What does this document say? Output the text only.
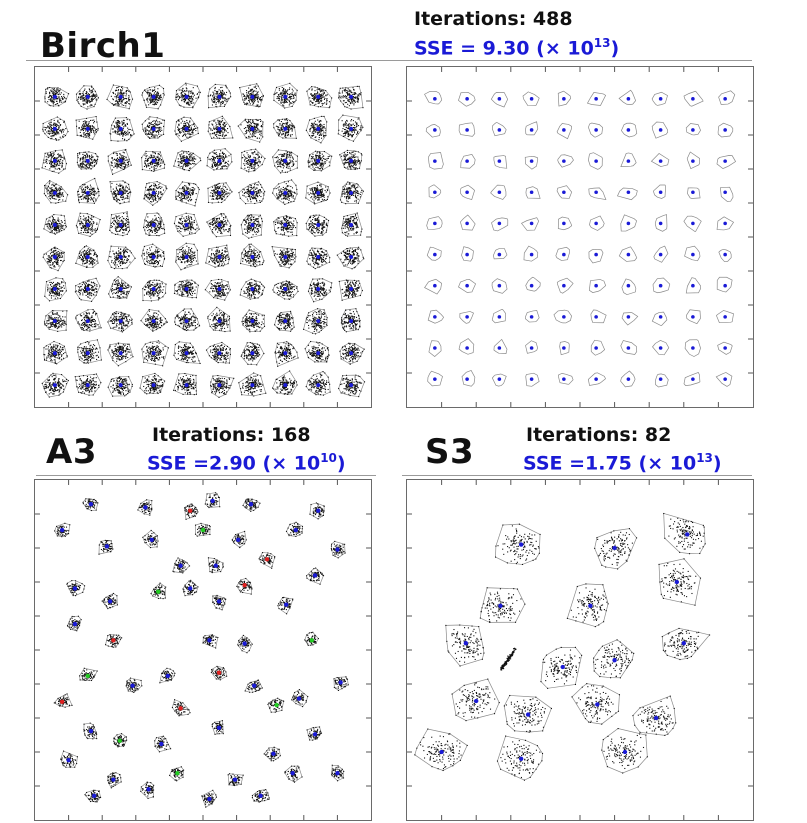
Birch1
Iterations: 488
SSE = 9.30 (× $10^{13}$)
A3	Iterations: 168
SSE =2.90 (× $10^{10}$) S3	Iterations: 82
SSE =1.75 (× $10^{13}$)
